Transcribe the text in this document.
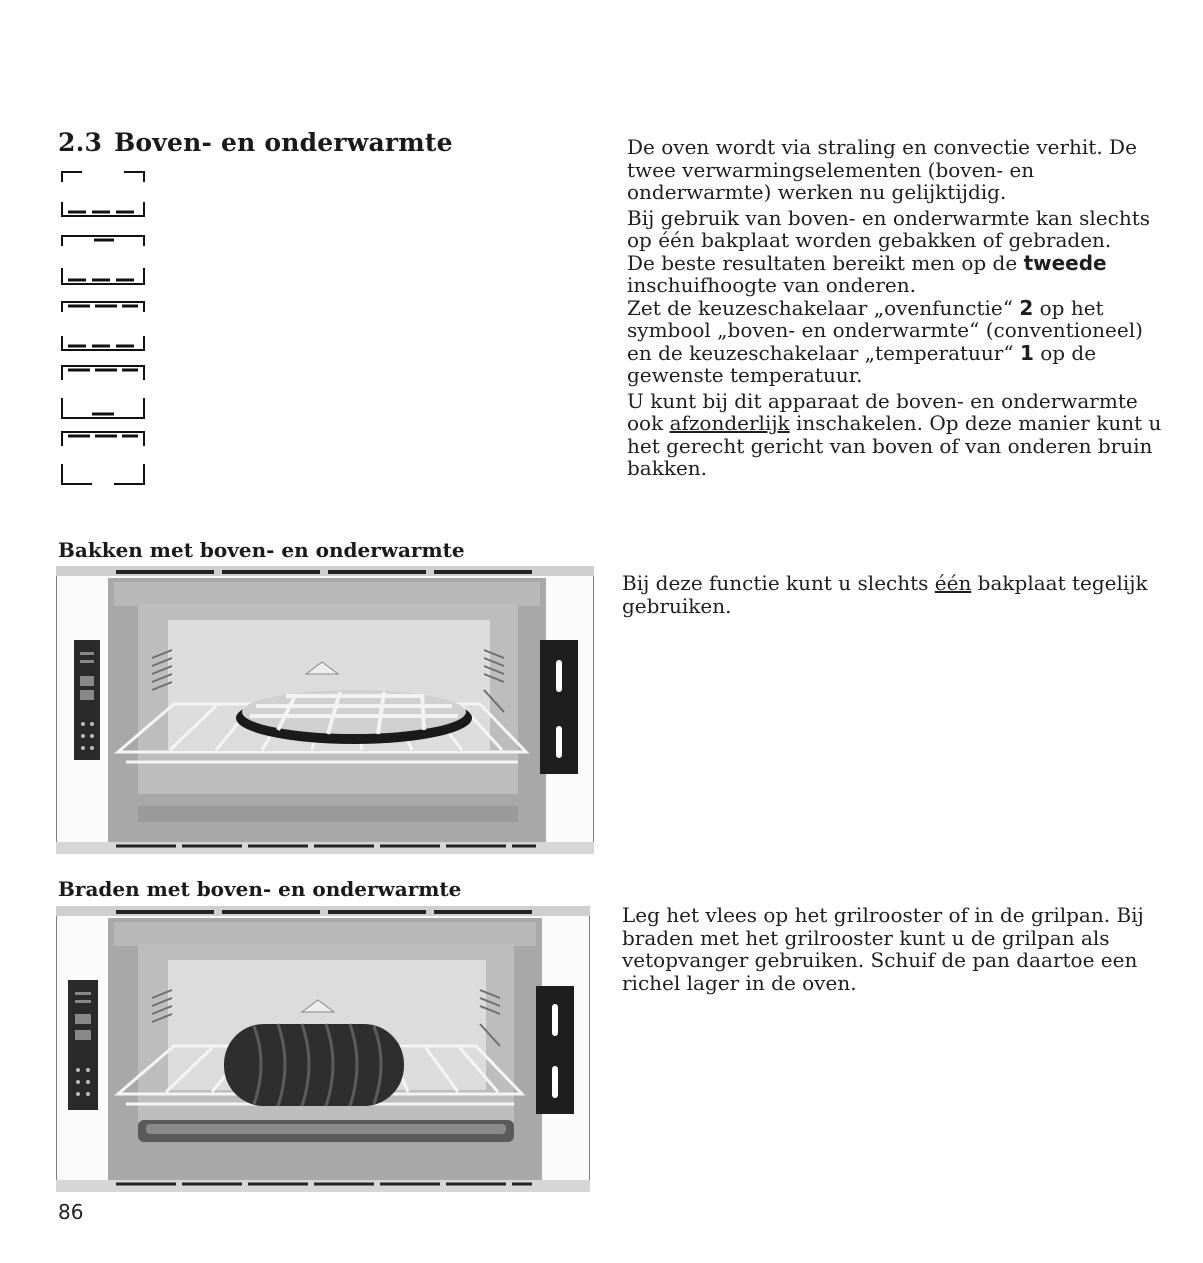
2.3 Boven- en onderwarmte	De oven wordt via straling en convectie verhit. De twee verwarmingselementen (boven- en onderwarmte) werken nu gelijktijdig.

Bij gebruik van boven- en onderwarmte kan slechts op één bakplaat worden gebakken of gebraden.

De beste resultaten bereikt men op de tweede inschuifhoogte van onderen.

Zet de keuzeschakelaar „ovenfunctie“ 2 op het symbool „boven- en onderwarmte“ (conventioneel) en de keuzeschakelaar „temperatuur“ 1 op de gewenste temperatuur.

U kunt bij dit apparaat de boven- en onderwarmte ook afzonderlijk inschakelen. Op deze manier kunt u het gerecht gericht van boven of van onderen bruin bakken.

Bakken met boven- en onderwarmte

Bij deze functie kunt u slechts één bakplaat tegelijk gebruiken.

Braden met boven- en onderwarmte

Leg het vlees op het grilrooster of in de grilpan. Bij braden met het grilrooster kunt u de grilpan als vetopvanger gebruiken. Schuif de pan daartoe een richel lager in de oven.

86
